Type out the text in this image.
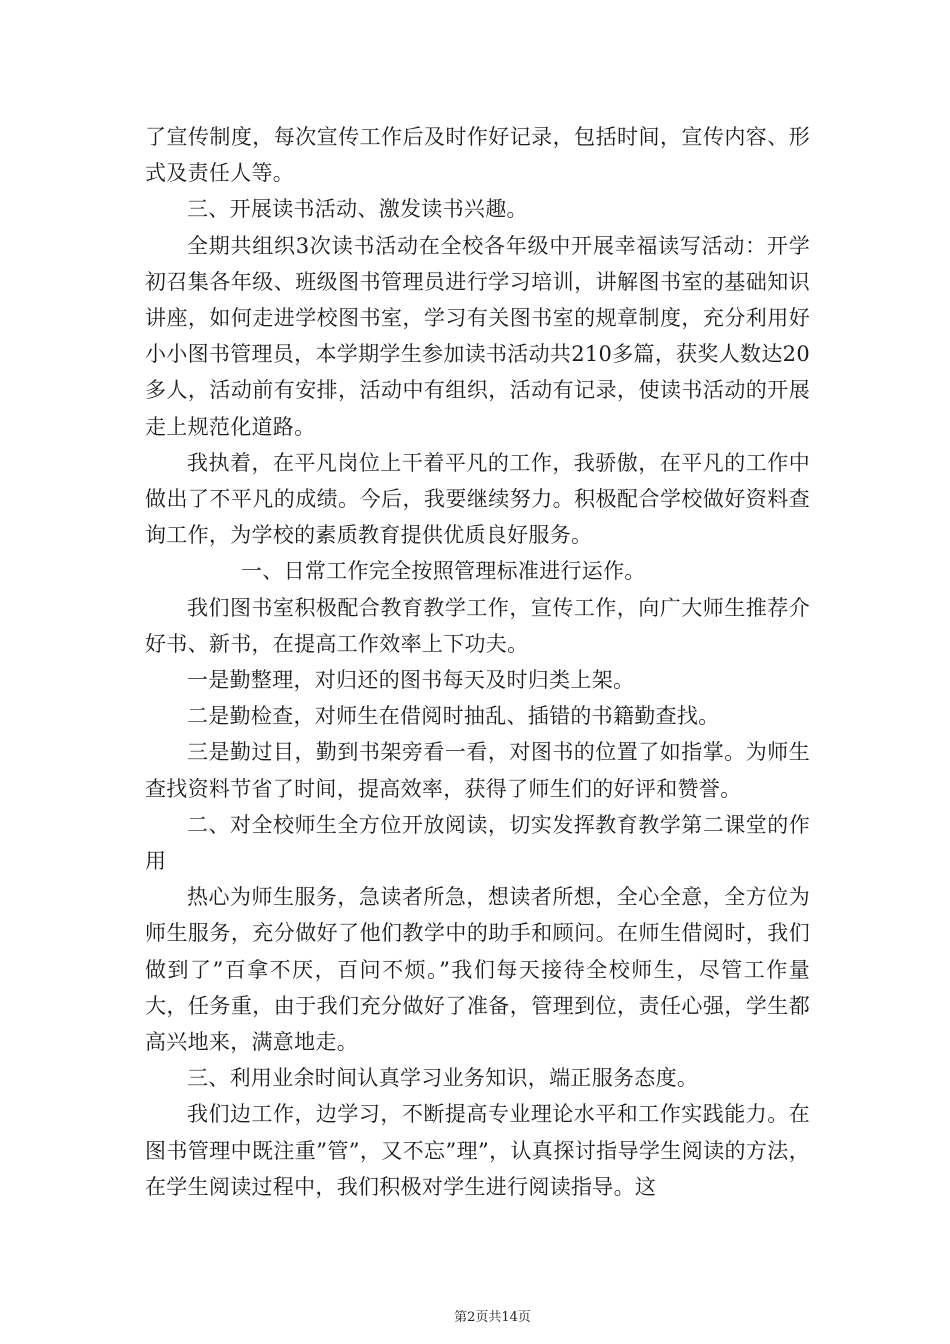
了宣传制度，每次宣传工作后及时作好记录，包括时间，宣传内容、形式及责任人等。

三、开展读书活动、激发读书兴趣。

全期共组织3次读书活动在全校各年级中开展幸福读写活动：开学初召集各年级、班级图书管理员进行学习培训，讲解图书室的基础知识讲座，如何走进学校图书室，学习有关图书室的规章制度，充分利用好小小图书管理员，本学期学生参加读书活动共210多篇，获奖人数达20多人，活动前有安排，活动中有组织，活动有记录，使读书活动的开展走上规范化道路。

我执着，在平凡岗位上干着平凡的工作，我骄傲，在平凡的工作中做出了不平凡的成绩。今后，我要继续努力。积极配合学校做好资料查询工作，为学校的素质教育提供优质良好服务。

一、日常工作完全按照管理标准进行运作。

我们图书室积极配合教育教学工作，宣传工作，向广大师生推荐介好书、新书，在提高工作效率上下功夫。

一是勤整理，对归还的图书每天及时归类上架。

二是勤检查，对师生在借阅时抽乱、插错的书籍勤查找。

三是勤过目，勤到书架旁看一看，对图书的位置了如指掌。为师生查找资料节省了时间，提高效率，获得了师生们的好评和赞誉。

二、对全校师生全方位开放阅读，切实发挥教育教学第二课堂的作用

热心为师生服务，急读者所急，想读者所想，全心全意，全方位为师生服务，充分做好了他们教学中的助手和顾问。在师生借阅时，我们做到了”百拿不厌，百问不烦。”我们每天接待全校师生，尽管工作量大，任务重，由于我们充分做好了准备，管理到位，责任心强，学生都高兴地来，满意地走。

三、利用业余时间认真学习业务知识，端正服务态度。

我们边工作，边学习，不断提高专业理论水平和工作实践能力。在图书管理中既注重”管”，又不忘”理”，认真探讨指导学生阅读的方法，在学生阅读过程中，我们积极对学生进行阅读指导。这

第2页共14页
